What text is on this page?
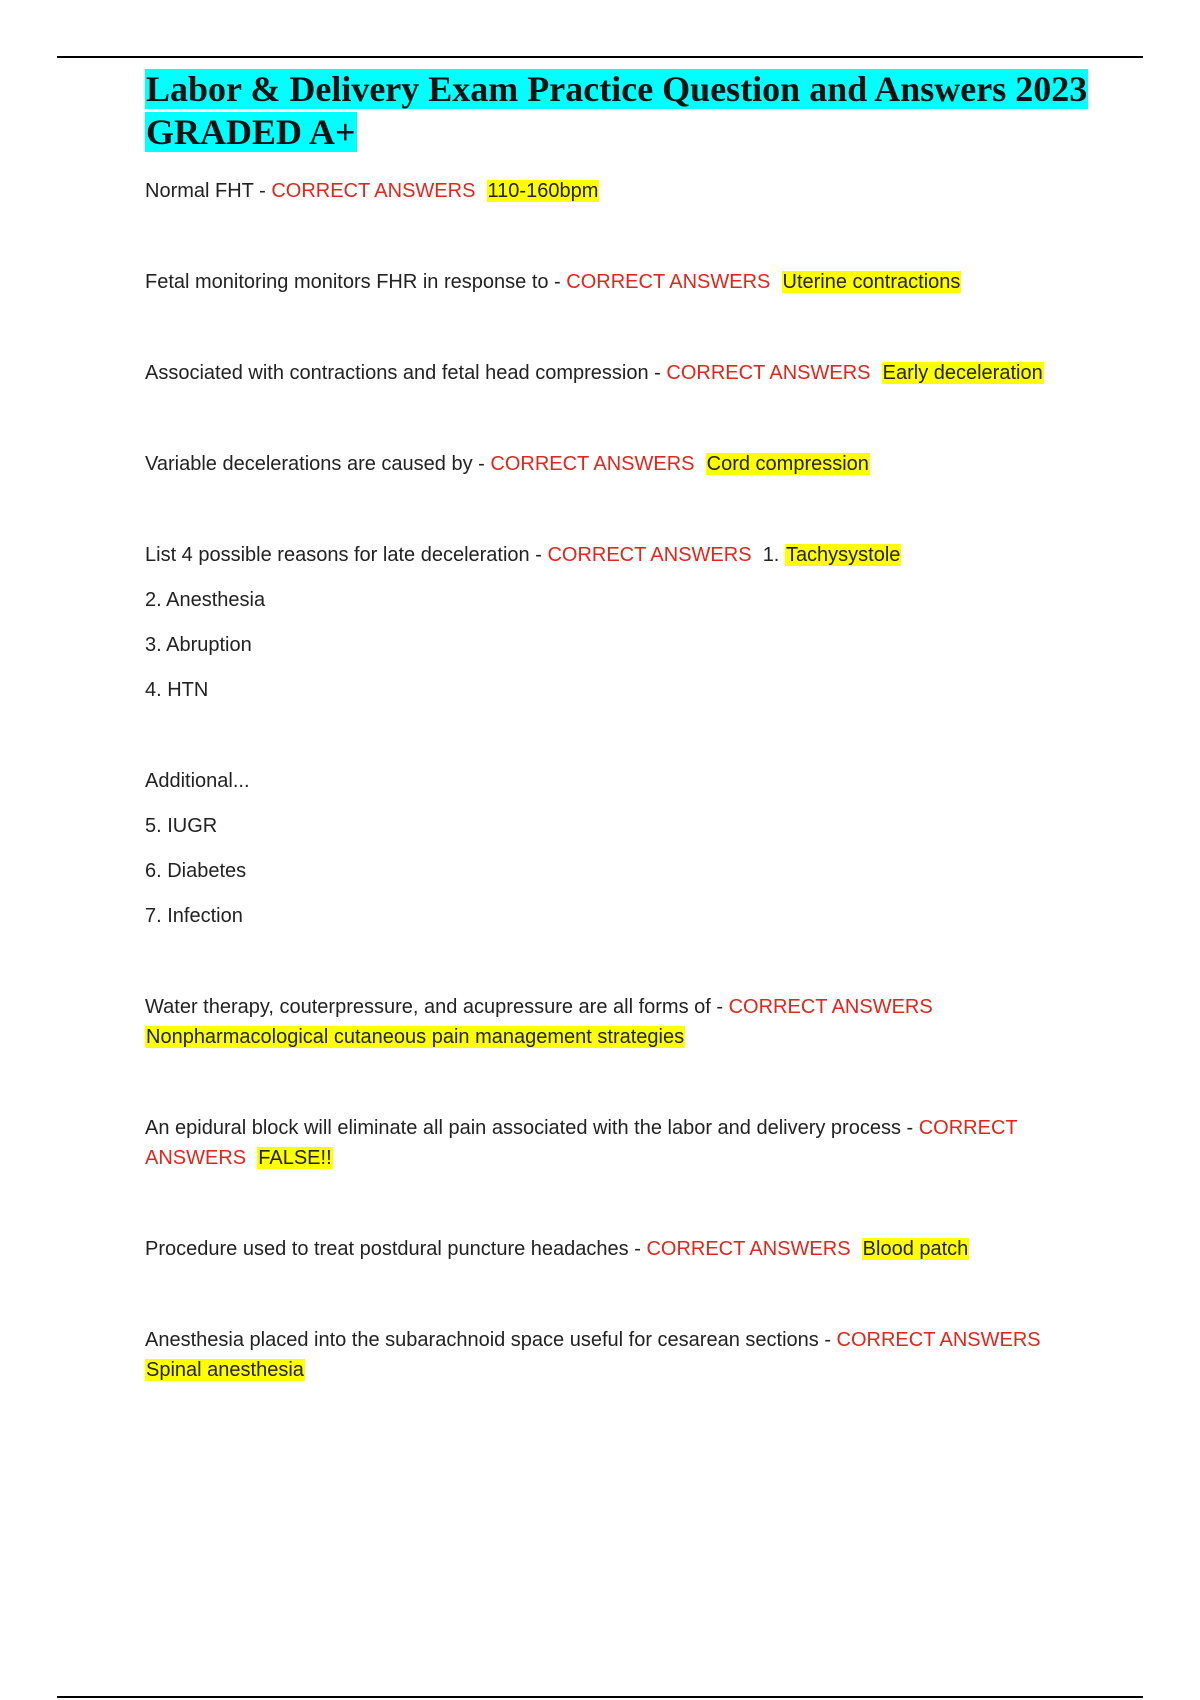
Labor & Delivery Exam Practice Question and Answers 2023 GRADED A+

Normal FHT - CORRECT ANSWERS 110-160bpm

Fetal monitoring monitors FHR in response to - CORRECT ANSWERS Uterine contractions

Associated with contractions and fetal head compression - CORRECT ANSWERS Early deceleration

Variable decelerations are caused by - CORRECT ANSWERS Cord compression

List 4 possible reasons for late deceleration - CORRECT ANSWERS 1. Tachysystole

2. Anesthesia
3. Abruption
4. HTN
Additional...
5. IUGR
6. Diabetes
7. Infection

Water therapy, couterpressure, and acupressure are all forms of - CORRECT ANSWERS
Nonpharmacological cutaneous pain management strategies

An epidural block will eliminate all pain associated with the labor and delivery process - CORRECT ANSWERS FALSE!!

Procedure used to treat postdural puncture headaches - CORRECT ANSWERS Blood patch

Anesthesia placed into the subarachnoid space useful for cesarean sections - CORRECT ANSWERS  Spinal anesthesia
